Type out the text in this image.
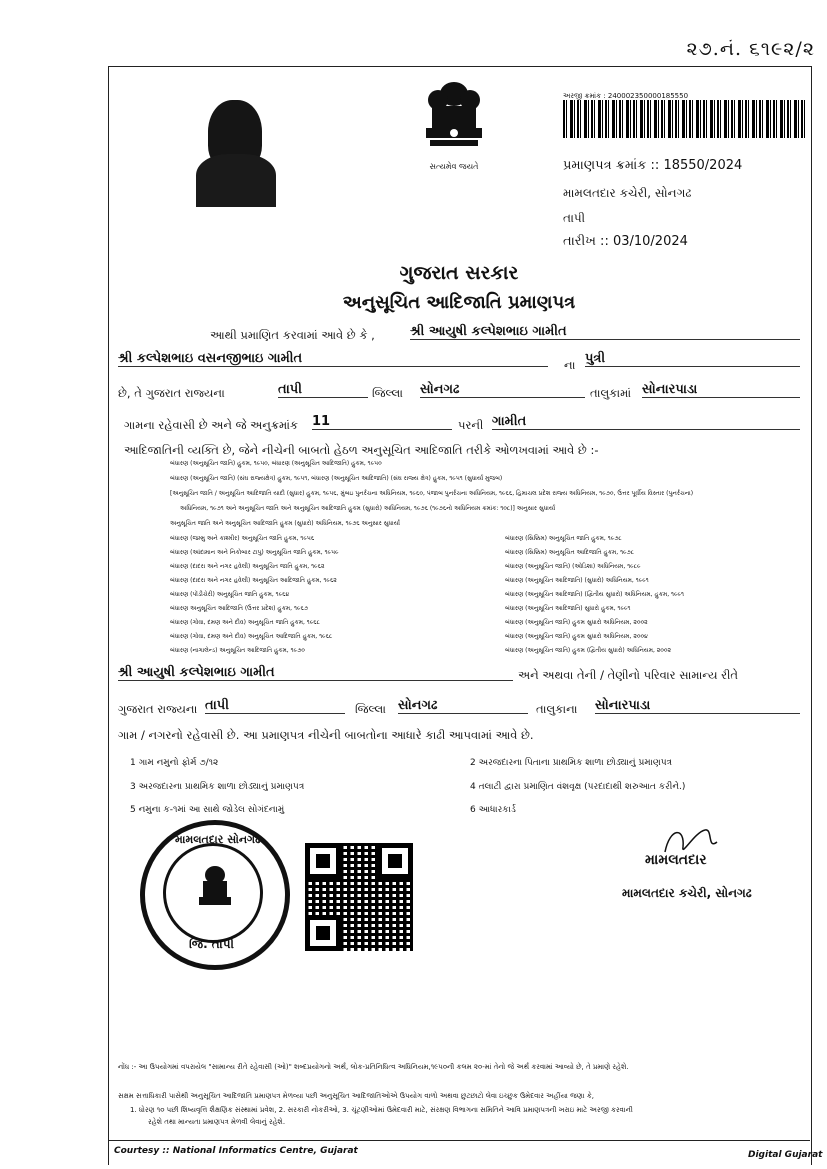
૨૭.નં. ૬૧૯૨/૨
સત્યમેવ જયતે
અરજી ક્રમાંક : 240002350000185550
પ્રમાણપત્ર ક્રમાંક :: 18550/2024
મામલતદાર કચેરી, સોનગઢ
તાપી
તારીખ :: 03/10/2024
ગુજરાત સરકાર
અનુસૂચિત આદિજાતિ પ્રમાણપત્ર
આથી પ્રમાણિત કરવામાં આવે છે કે ,	શ્રી આયુષી કલ્પેશભાઇ ગામીત
શ્રી કલ્પેશભાઇ વસનજીભાઇ ગામીત	ના પુત્રી
છે, તે ગુજરાત રાજ્યના	તાપી	જિલ્લા સોનગઢ	તાલુકામાં સોનારપાડા
ગામના રહેવાસી છે અને જે અનુક્રમાંક 11	પરની ગામીત
આદિજાતિની વ્યક્તિ છે, જેને નીચેની બાબતો હેઠળ અનુસૂચિત આદિજાતિ તરીકે ઓળખવામાં આવે છે :-
બંધારણ (અનુસૂચિત જાતિ) હુકમ, ૧૯૫૦, બંધારણ (અનુસૂચિત આદિજાતિ) હુકમ, ૧૯૫૦
બંધારણ (અનુસૂચિત જાતિ) (સંઘ રાજ્યક્ષેત્ર) હુકમ, ૧૯૫૧, બંધારણ (અનુસૂચિત આદિજાતિ) (સંઘ રાજ્ય ક્ષેત્ર) હુકમ, ૧૯૫૧ (સુધાર્યા મુજબ)
[અનુસૂચિત જાતિ / અનુસૂચિત આદિજાતિ યાદી (સુધાર) હુકમ, ૧૯૫૬, મુંબઇ પુનર્રચના અધિનિયમ, ૧૯૬૦, પંજાબ પુનર્રચના અધિનિયમ, ૧૯૬૬, હિમાચલ પ્રદેશ રાજ્ય અધિનિયમ, ૧૯૭૦, ઉત્તર પૂર્વીય વિસ્તાર (પુનર્રચના)
અધિનિયમ, ૧૯૭૧ અને અનુસૂચિત જાતિ અને અનુસૂચિત આદિજાતિ હુકમ (સુધારો) અધિનિયમ, ૧૯૭૬ (૧૯૭૬નો અધિનિયમ ક્રમાંક: ૧૦૮)] અનુસાર સુધાર્યા
અનુસૂચિત જાતિ અને અનુસૂચિત આદિજાતિ હુકમ (સુધારો) અધિનિયમ, ૧૯૭૬ અનુસાર સુધાર્યા
બંધારણ (જમ્મુ અને કાશ્મીર) અનુસૂચિત જાતિ હુકમ, ૧૯૫૬
બંધારણ (આંદામાન અને નિકોબાર ટાપુ) અનુસૂચિત જાતિ હુકમ, ૧૯૫૯
બંધારણ (દાદરા અને નગર હવેલી) અનુસૂચિત જાતિ હુકમ, ૧૯૬૨
બંધારણ (દાદરા અને નગર હવેલી) અનુસૂચિત આદિજાતિ હુકમ, ૧૯૬૨
બંધારણ (પોંડીચેરી) અનુસૂચિત જાતિ હુકમ, ૧૯૬૪
બંધારણ અનુસૂચિત આદિજાતિ (ઉત્તર પ્રદેશ) હુકમ, ૧૯૬૭
બંધારણ (ગોવા, દમણ અને દીવ) અનુસૂચિત જાતિ હુકમ, ૧૯૬૮
બંધારણ (ગોવા, દમણ અને દીવ) અનુસૂચિત આદિજાતિ હુકમ, ૧૯૬૮
બંધારણ (નાગાલેન્ડ) અનુસૂચિત આદિજાતિ હુકમ, ૧૯૭૦
બંધારણ (સિક્કિમ) અનુસૂચિત જાતિ હુકમ, ૧૯૭૮
બંધારણ (સિક્કિમ) અનુસૂચિત આદિજાતિ હુકમ, ૧૯૭૮
બંધારણ (અનુસૂચિત જાતિ) (ઓડિશા) અધિનિયમ, ૧૯૮૯
બંધારણ (અનુસૂચિત આદિજાતિ) (સુધારો) અધિનિયમ, ૧૯૯૧
બંધારણ (અનુસૂચિત આદિજાતિ) (દ્વિતીય સુધારો) અધિનિયમ, હુકમ, ૧૯૯૧
બંધારણ (અનુસૂચિત આદિજાતિ) સુધારો હુકમ, ૧૯૯૧
બંધારણ (અનુસૂચિત જાતિ) હુકમ સુધારો અધિનિયમ, ૨૦૦૨
બંધારણ (અનુસૂચિત જાતિ) હુકમ સુધારો અધિનિયમ, ૨૦૦૪
બંધારણ (અનુસૂચિત જાતિ) હુકમ (દ્વિતીય સુધારો) અધિનિયમ, ૨૦૦૨
શ્રી આયુષી કલ્પેશભાઇ ગામીત	અને અથવા તેની / તેણીનો પરિવાર સામાન્ય રીતે
ગુજરાત રાજ્યના તાપી	જિલ્લા સોનગઢ	તાલુકાના સોનારપાડા
ગામ / નગરનો રહેવાસી છે. આ પ્રમાણપત્ર નીચેની બાબતોના આધારે કાઢી આપવામાં આવે છે.
1 ગામ નમુનો ફોર્મ ૭/૧૨	2 અરજદારના પિતાના પ્રાથમિક શાળા છોડ્યાનું પ્રમાણપત્ર
3 અરજદારના પ્રાથમિક શાળા છોડ્યાનું પ્રમાણપત્ર	4 તલાટી દ્વારા પ્રમાણિત વંશવૃક્ષ (પરદાદાથી શરુઆત કરીને.)
5 નમુના ક-૧માં આ સાથે જોડેલ સોગંદનામું	6 આધારકાર્ડ
મામલતદાર સોનગઢ
જિ. તાપી
મામલતદાર
મામલતદાર કચેરી, સોનગઢ
નોંધ :- આ ઉપયોગમાં વપરાયેલ "સામાન્ય રીતે રહેવાસી (ઓ)" શબ્દપ્રયોગનો અર્થ, લોક-પ્રતિનિધિત્વ અધિનિયમ,૧૯૫૦ની કલમ ૨૦-માં તેનો જે અર્થ કરવામાં આવ્યો છે, તે પ્રમાણે રહેશે.
સક્ષમ સત્તાધિકારી પાસેથી અનુસૂચિત આદિજાતિ પ્રમાણપત્ર મેળવ્યા પછી અનુસૂચિત આદિજાતિઓએ ઉપયોગ વાળો અથવા છુટછાટો લેવા ઇચ્છુક ઉમેદવાર અહીંયા જણા કે,
1. ધોરણ ૧૦ પછી શિષ્યવૃત્તિ શૈક્ષણિક સંસ્થામાં પ્રવેશ, 2. સરકારી નોકરીઓ, 3. ચૂંટણીઓમાં ઉમેદવારી માટે, સંરક્ષણ વિભાગના સમિતિને આવિ પ્રમાણપત્રની ખરાઇ માટે અરજી કરવાની
રહેશે તથા માન્યતા પ્રમાણપત્ર મેળવી લેવાનું રહેશે.
Courtesy :: National Informatics Centre, Gujarat	Digital Gujarat
